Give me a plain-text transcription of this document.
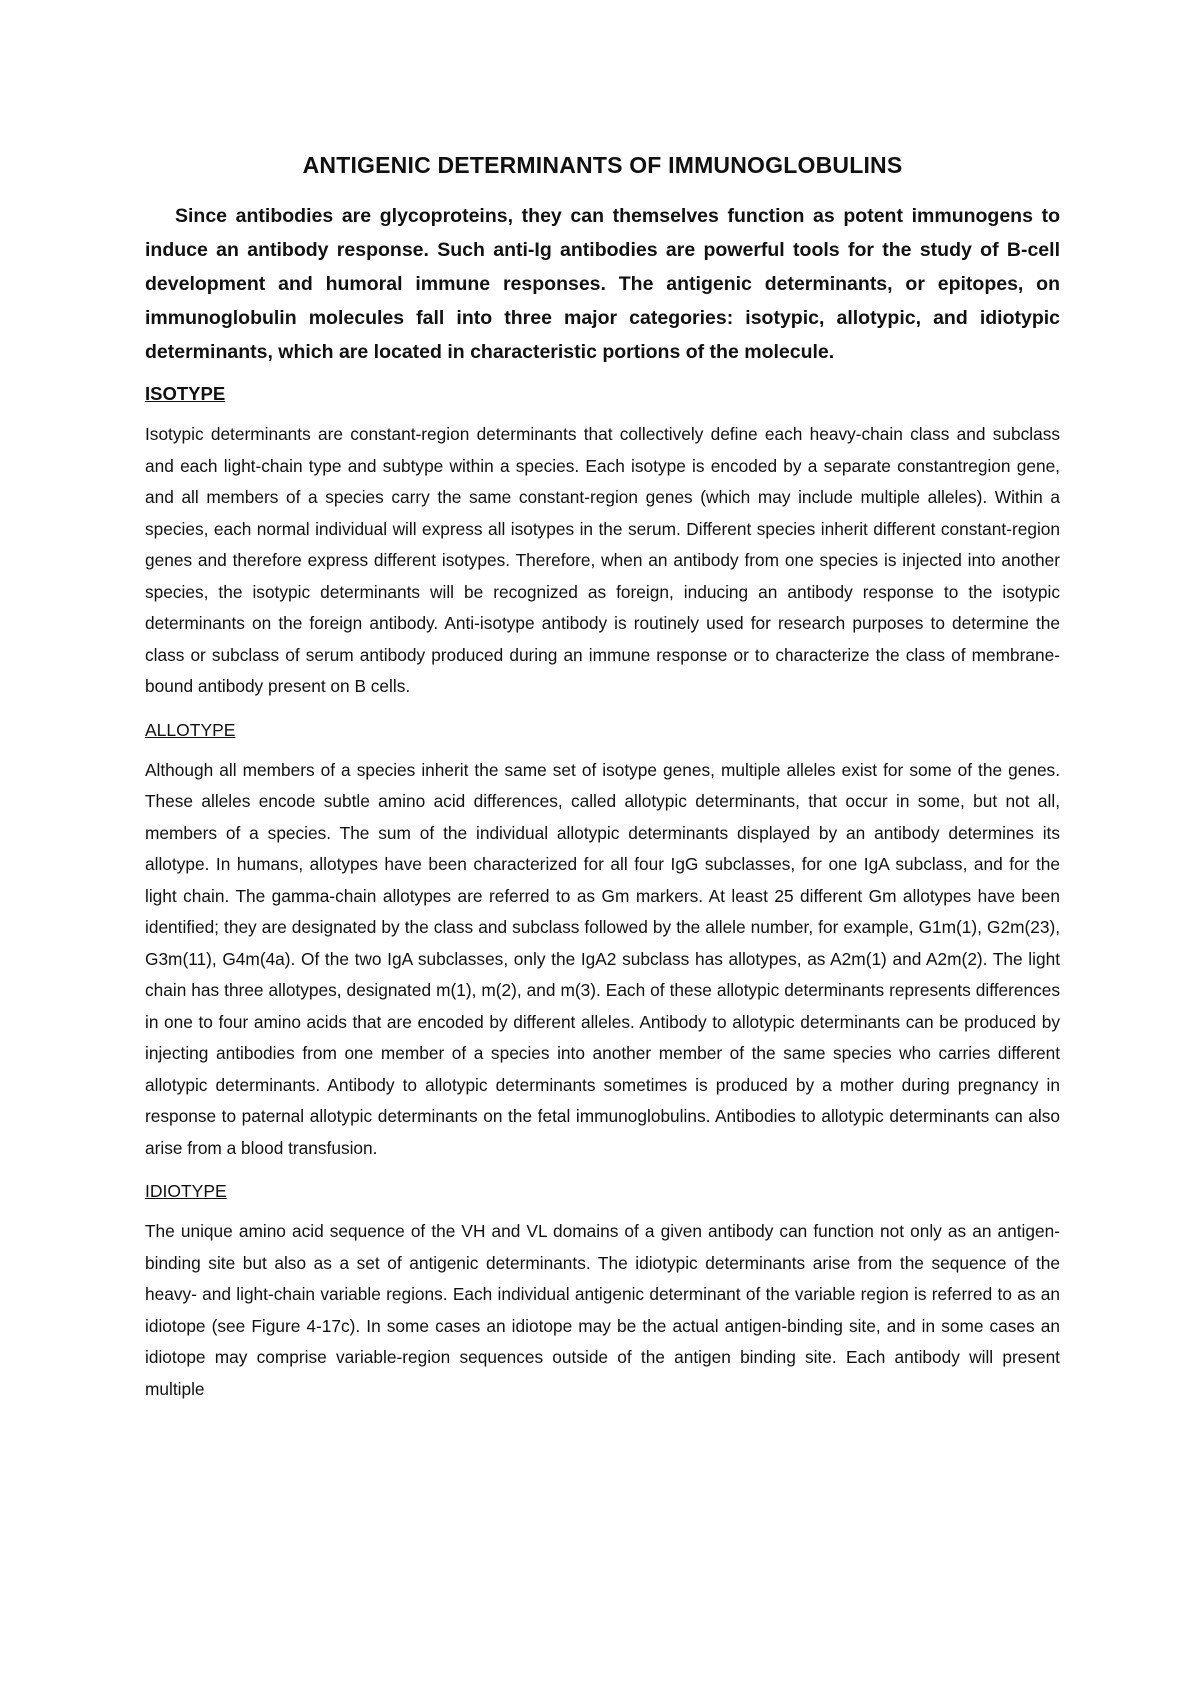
ANTIGENIC DETERMINANTS OF IMMUNOGLOBULINS

Since antibodies are glycoproteins, they can themselves function as potent immunogens to induce an antibody response. Such anti-Ig antibodies are powerful tools for the study of B-cell development and humoral immune responses. The antigenic determinants, or epitopes, on immunoglobulin molecules fall into three major categories: isotypic, allotypic, and idiotypic determinants, which are located in characteristic portions of the molecule.

ISOTYPE

Isotypic determinants are constant-region determinants that collectively define each heavy-chain class and subclass and each light-chain type and subtype within a species. Each isotype is encoded by a separate constantregion gene, and all members of a species carry the same constant-region genes (which may include multiple alleles). Within a species, each normal individual will express all isotypes in the serum. Different species inherit different constant-region genes and therefore express different isotypes. Therefore, when an antibody from one species is injected into another species, the isotypic determinants will be recognized as foreign, inducing an antibody response to the isotypic determinants on the foreign antibody. Anti-isotype antibody is routinely used for research purposes to determine the class or subclass of serum antibody produced during an immune response or to characterize the class of membrane-bound antibody present on B cells.

ALLOTYPE

Although all members of a species inherit the same set of isotype genes, multiple alleles exist for some of the genes. These alleles encode subtle amino acid differences, called allotypic determinants, that occur in some, but not all, members of a species. The sum of the individual allotypic determinants displayed by an antibody determines its allotype. In humans, allotypes have been characterized for all four IgG subclasses, for one IgA subclass, and for the light chain. The gamma-chain allotypes are referred to as Gm markers. At least 25 different Gm allotypes have been identified; they are designated by the class and subclass followed by the allele number, for example, G1m(1), G2m(23), G3m(11), G4m(4a). Of the two IgA subclasses, only the IgA2 subclass has allotypes, as A2m(1) and A2m(2). The light chain has three allotypes, designated m(1), m(2), and m(3). Each of these allotypic determinants represents differences in one to four amino acids that are encoded by different alleles. Antibody to allotypic determinants can be produced by injecting antibodies from one member of a species into another member of the same species who carries different allotypic determinants. Antibody to allotypic determinants sometimes is produced by a mother during pregnancy in response to paternal allotypic determinants on the fetal immunoglobulins. Antibodies to allotypic determinants can also arise from a blood transfusion.

IDIOTYPE

The unique amino acid sequence of the VH and VL domains of a given antibody can function not only as an antigen-binding site but also as a set of antigenic determinants. The idiotypic determinants arise from the sequence of the heavy- and light-chain variable regions. Each individual antigenic determinant of the variable region is referred to as an idiotope (see Figure 4-17c). In some cases an idiotope may be the actual antigen-binding site, and in some cases an idiotope may comprise variable-region sequences outside of the antigen binding site. Each antibody will present multiple
